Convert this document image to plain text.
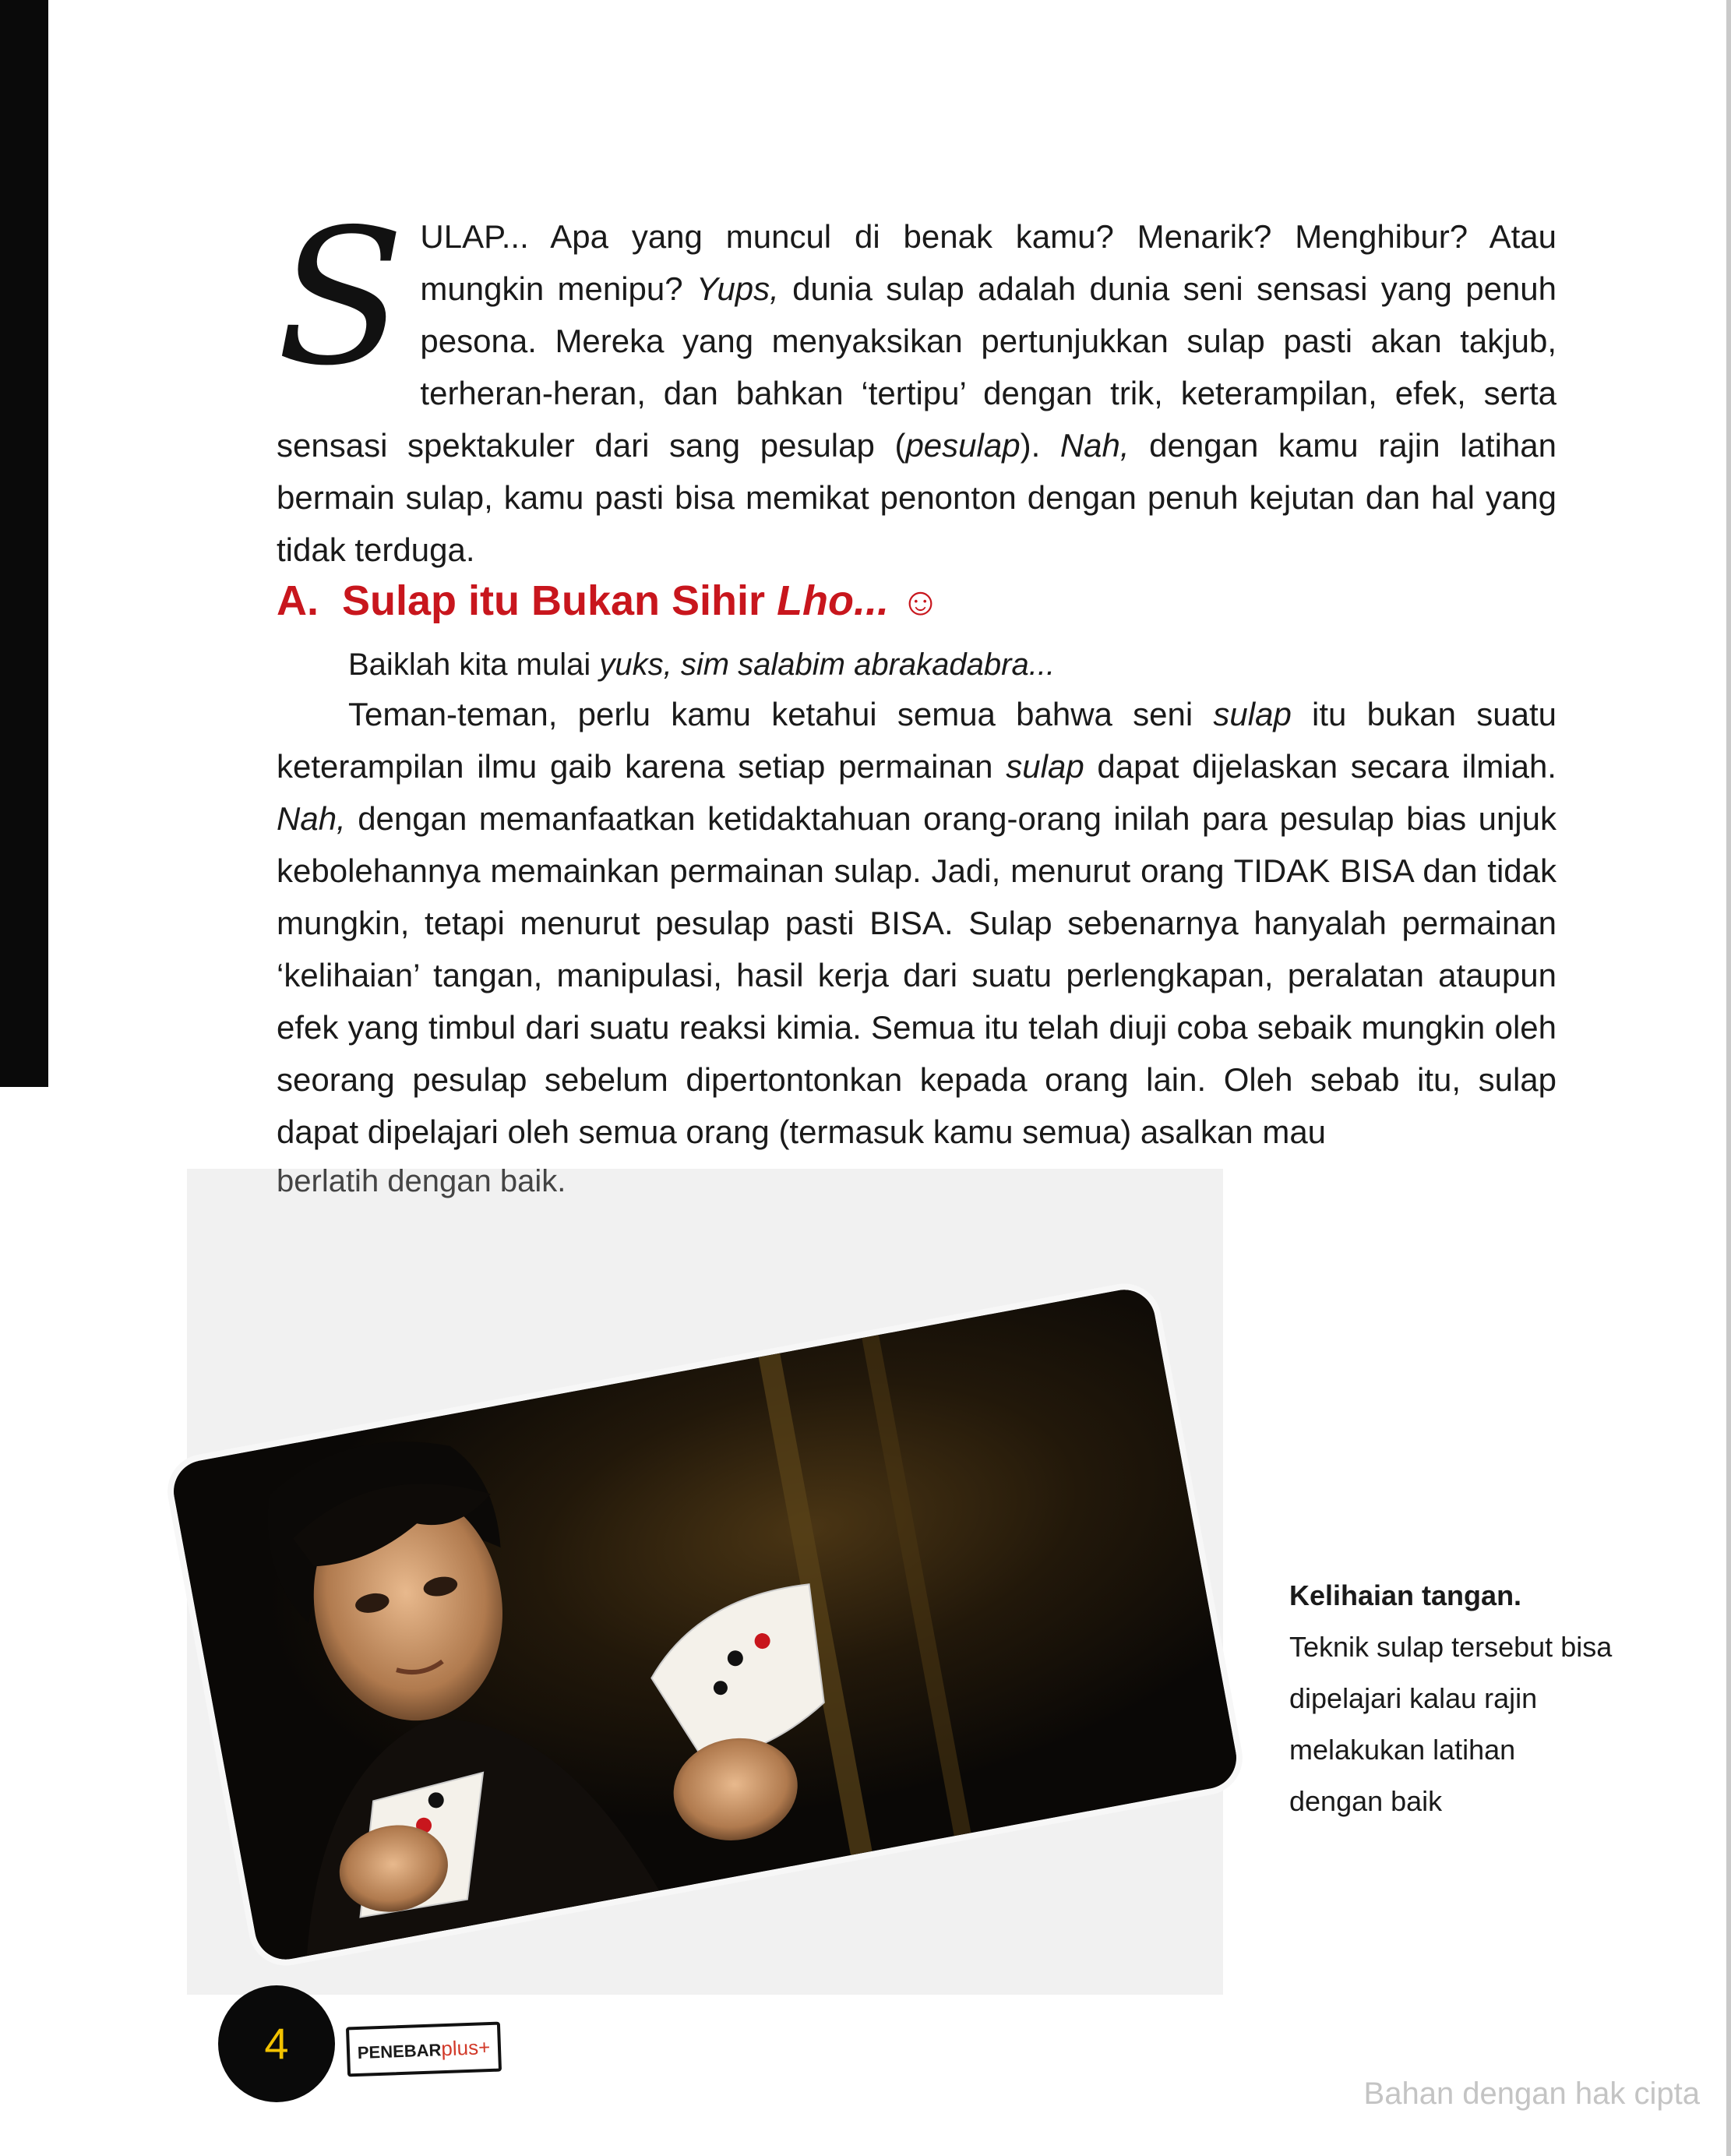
SULAP... Apa yang muncul di benak kamu? Menarik? Menghibur? Atau mungkin menipu? Yups, dunia sulap adalah dunia seni sensasi yang penuh pesona. Mereka yang menyaksikan pertunjukkan sulap pasti akan takjub, terheran-heran, dan bahkan ‘tertipu’ dengan trik, keterampilan, efek, serta sensasi spektakuler dari sang pesulap (pesulap). Nah, dengan kamu rajin latihan bermain sulap, kamu pasti bisa memikat penonton dengan penuh kejutan dan hal yang tidak terduga.
A. Sulap itu Bukan Sihir Lho... ☺
Baiklah kita mulai yuks, sim salabim abrakadabra...
Teman-teman, perlu kamu ketahui semua bahwa seni sulap itu bukan suatu keterampilan ilmu gaib karena setiap permainan sulap dapat dijelaskan secara ilmiah. Nah, dengan memanfaatkan ketidaktahuan orang-orang inilah para pesulap bias unjuk kebolehannya memainkan permainan sulap. Jadi, menurut orang TIDAK BISA dan tidak mungkin, tetapi menurut pesulap pasti BISA. Sulap sebenarnya hanyalah permainan ‘kelihaian’ tangan, manipulasi, hasil kerja dari suatu perlengkapan, peralatan ataupun efek yang timbul dari suatu reaksi kimia. Semua itu telah diuji coba sebaik mungkin oleh seorang pesulap sebelum dipertontonkan kepada orang lain. Oleh sebab itu, sulap dapat dipelajari oleh semua orang (termasuk kamu semua) asalkan mau
berlatih dengan baik.
Kelihaian tangan.
Teknik sulap tersebut bisa dipelajari kalau rajin melakukan latihan dengan baik
4	PENEBARplus+
Bahan dengan hak cipta
